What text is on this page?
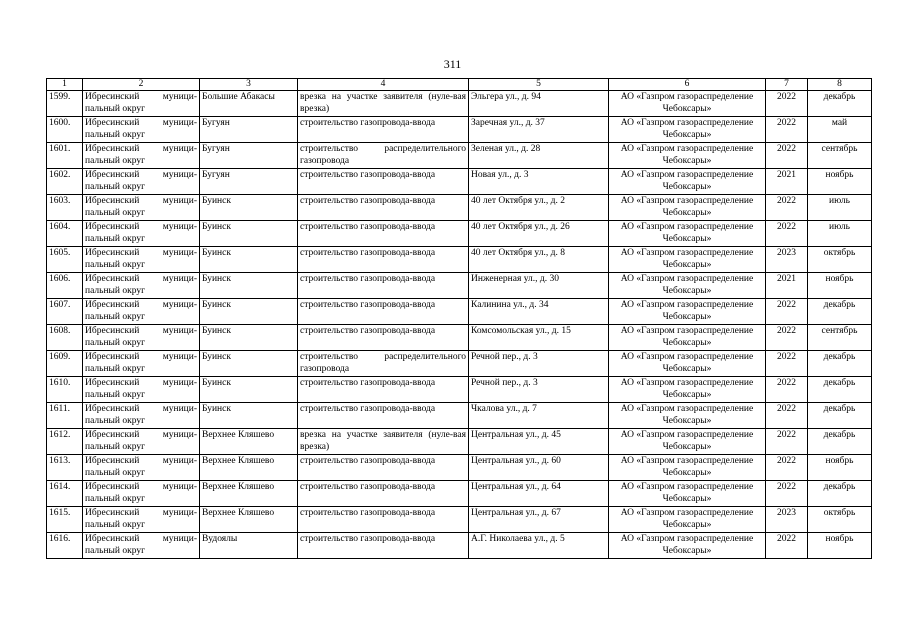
311
1	2	3	4	5	6	7	8
1599.	Ибресинский муници-пальный округ	Большие Абакасы	врезка на участке заявителя (нуле-вая врезка)	Эльгера ул., д. 94	АО «Газпром газораспределение Чебоксары»	2022	декабрь
1600.	Ибресинский муници-пальный округ	Бугуян	строительство газопровода-ввода	Заречная ул., д. 37	АО «Газпром газораспределение Чебоксары»	2022	май
1601.	Ибресинский муници-пальный округ	Бугуян	строительство распределительного газопровода	Зеленая ул., д. 28	АО «Газпром газораспределение Чебоксары»	2022	сентябрь
1602.	Ибресинский муници-пальный округ	Бугуян	строительство газопровода-ввода	Новая ул., д. 3	АО «Газпром газораспределение Чебоксары»	2021	ноябрь
1603.	Ибресинский муници-пальный округ	Буинск	строительство газопровода-ввода	40 лет Октября ул., д. 2	АО «Газпром газораспределение Чебоксары»	2022	июль
1604.	Ибресинский муници-пальный округ	Буинск	строительство газопровода-ввода	40 лет Октября ул., д. 26	АО «Газпром газораспределение Чебоксары»	2022	июль
1605.	Ибресинский муници-пальный округ	Буинск	строительство газопровода-ввода	40 лет Октября ул., д. 8	АО «Газпром газораспределение Чебоксары»	2023	октябрь
1606.	Ибресинский муници-пальный округ	Буинск	строительство газопровода-ввода	Инженерная ул., д. 30	АО «Газпром газораспределение Чебоксары»	2021	ноябрь
1607.	Ибресинский муници-пальный округ	Буинск	строительство газопровода-ввода	Калинина ул., д. 34	АО «Газпром газораспределение Чебоксары»	2022	декабрь
1608.	Ибресинский муници-пальный округ	Буинск	строительство газопровода-ввода	Комсомольская ул., д. 15	АО «Газпром газораспределение Чебоксары»	2022	сентябрь
1609.	Ибресинский муници-пальный округ	Буинск	строительство распределительного газопровода	Речной пер., д. 3	АО «Газпром газораспределение Чебоксары»	2022	декабрь
1610.	Ибресинский муници-пальный округ	Буинск	строительство газопровода-ввода	Речной пер., д. 3	АО «Газпром газораспределение Чебоксары»	2022	декабрь
1611.	Ибресинский муници-пальный округ	Буинск	строительство газопровода-ввода	Чкалова ул., д. 7	АО «Газпром газораспределение Чебоксары»	2022	декабрь
1612.	Ибресинский муници-пальный округ	Верхнее Кляшево	врезка на участке заявителя (нуле-вая врезка)	Центральная ул., д. 45	АО «Газпром газораспределение Чебоксары»	2022	декабрь
1613.	Ибресинский муници-пальный округ	Верхнее Кляшево	строительство газопровода-ввода	Центральная ул., д. 60	АО «Газпром газораспределение Чебоксары»	2022	ноябрь
1614.	Ибресинский муници-пальный округ	Верхнее Кляшево	строительство газопровода-ввода	Центральная ул., д. 64	АО «Газпром газораспределение Чебоксары»	2022	декабрь
1615.	Ибресинский муници-пальный округ	Верхнее Кляшево	строительство газопровода-ввода	Центральная ул., д. 67	АО «Газпром газораспределение Чебоксары»	2023	октябрь
1616.	Ибресинский муници-пальный округ	Вудоялы	строительство газопровода-ввода	А.Г. Николаева ул., д. 5	АО «Газпром газораспределение Чебоксары»	2022	ноябрь
